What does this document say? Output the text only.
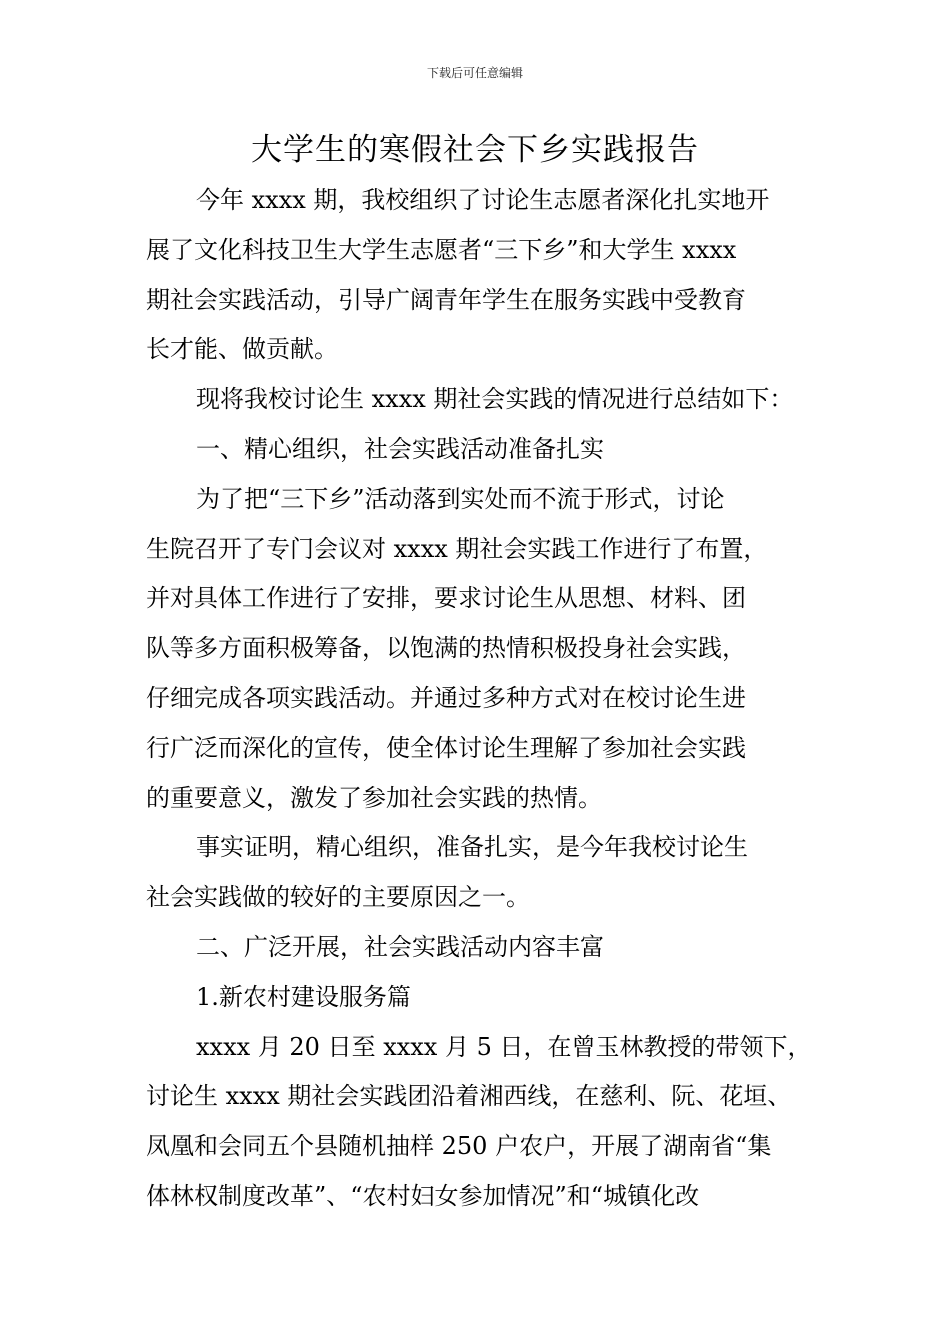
下载后可任意编辑
大学生的寒假社会下乡实践报告
今年 xxxx 期，我校组织了讨论生志愿者深化扎实地开
展了文化科技卫生大学生志愿者“三下乡”和大学生 xxxx
期社会实践活动，引导广阔青年学生在服务实践中受教育
长才能、做贡献。
现将我校讨论生 xxxx 期社会实践的情况进行总结如下：
一、精心组织，社会实践活动准备扎实
为了把“三下乡”活动落到实处而不流于形式，讨论
生院召开了专门会议对 xxxx 期社会实践工作进行了布置，
并对具体工作进行了安排，要求讨论生从思想、材料、团
队等多方面积极筹备，以饱满的热情积极投身社会实践，
仔细完成各项实践活动。并通过多种方式对在校讨论生进
行广泛而深化的宣传，使全体讨论生理解了参加社会实践
的重要意义，激发了参加社会实践的热情。
事实证明，精心组织，准备扎实，是今年我校讨论生
社会实践做的较好的主要原因之一。
二、广泛开展，社会实践活动内容丰富
1.新农村建设服务篇
xxxx 月 20 日至 xxxx 月 5 日，在曾玉林教授的带领下，
讨论生 xxxx 期社会实践团沿着湘西线，在慈利、阮、花垣、
凤凰和会同五个县随机抽样 250 户农户，开展了湖南省“集
体林权制度改革”、“农村妇女参加情况”和“城镇化改
